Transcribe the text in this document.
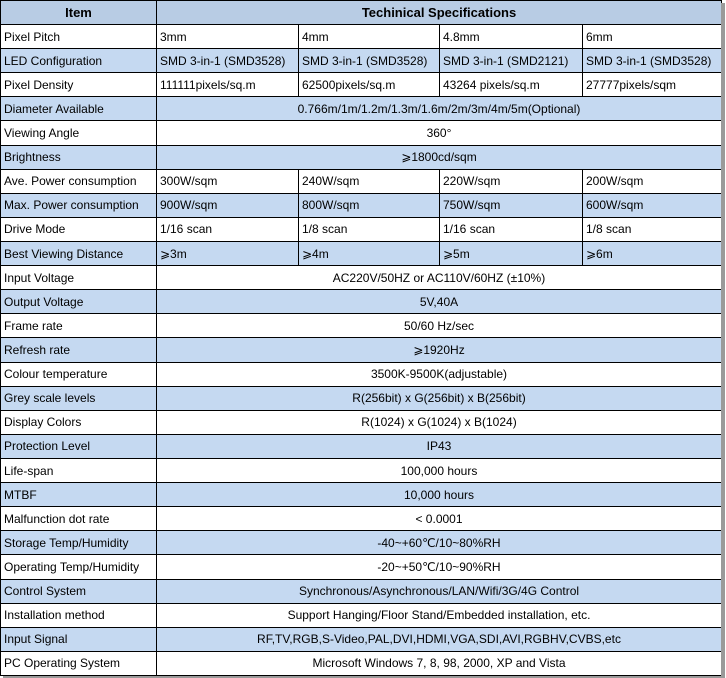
Item	Techinical Specifications			
Pixel Pitch	3mm	4mm	4.8mm	6mm
LED Configuration	SMD 3-in-1 (SMD3528)	SMD 3-in-1 (SMD3528)	SMD 3-in-1 (SMD2121)	SMD 3-in-1 (SMD3528)
Pixel Density	111111pixels/sq.m	62500pixels/sq.m	43264 pixels/sq.m	27777pixels/sqm
Diameter Available	0.766m/1m/1.2m/1.3m/1.6m/2m/3m/4m/5m(Optional)			
Viewing Angle	360°			
Brightness	⩾1800cd/sqm			
Ave. Power consumption	300W/sqm	240W/sqm	220W/sqm	200W/sqm
Max. Power consumption	900W/sqm	800W/sqm	750W/sqm	600W/sqm
Drive Mode	1/16 scan	1/8 scan	1/16 scan	1/8 scan
Best Viewing Distance	⩾3m	⩾4m	⩾5m	⩾6m
Input Voltage	AC220V/50HZ or AC110V/60HZ (±10%)			
Output Voltage	5V,40A			
Frame rate	50/60 Hz/sec			
Refresh rate	⩾1920Hz			
Colour temperature	3500K-9500K(adjustable)			
Grey scale levels	R(256bit) x G(256bit) x B(256bit)			
Display Colors	R(1024) x G(1024) x B(1024)			
Protection Level	IP43			
Life-span	100,000 hours			
MTBF	10,000 hours			
Malfunction dot rate	< 0.0001			
Storage Temp/Humidity	-40~+60℃/10~80%RH			
Operating Temp/Humidity	-20~+50℃/10~90%RH			
Control System	Synchronous/Asynchronous/LAN/Wifi/3G/4G Control			
Installation method	Support Hanging/Floor Stand/Embedded installation, etc.			
Input Signal	RF,TV,RGB,S-Video,PAL,DVI,HDMI,VGA,SDI,AVI,RGBHV,CVBS,etc			
PC Operating System	Microsoft Windows 7, 8, 98, 2000, XP and Vista			
